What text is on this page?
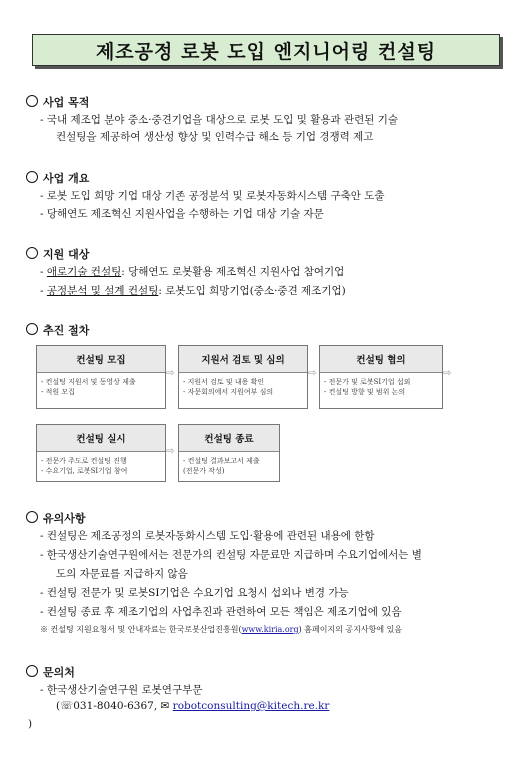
제조공정 로봇 도입 엔지니어링 컨설팅
사업 목적
- 국내 제조업 분야 중소·중견기업을 대상으로 로봇 도입 및 활용과 관련된 기술
컨설팅을 제공하여 생산성 향상 및 인력수급 해소 등 기업 경쟁력 제고
사업 개요
- 로봇 도입 희망 기업 대상 기존 공정분석 및 로봇자동화시스템 구축안 도출
- 당해연도 제조혁신 지원사업을 수행하는 기업 대상 기술 자문
지원 대상
- 애로기술 컨설팅: 당해연도 로봇활용 제조혁신 지원사업 참여기업
- 공정분석 및 설계 컨설팅: 로봇도입 희망기업(중소·중견 제조기업)
추진 절차
컨설팅 모집
- 컨설팅 지원서 및 동영상 제출
- 적원 모집
⇨
지원서 검토 및 심의
- 지원서 검토 및 내용 확인
- 자문회의에서 지원여부 심의
⇨
컨설팅 협의
- 전문가 및 로봇SI기업 섭외
- 컨설팅 방향 및 범위 논의
⇨
컨설팅 실시
- 전문가 주도로 컨설팅 진행
- 수요기업, 로봇SI기업 참여
⇨
컨설팅 종료
- 컨설팅 결과보고서 제출
(전문가 작성)
유의사항
- 컨설팅은 제조공정의 로봇자동화시스템 도입·활용에 관련된 내용에 한함
- 한국생산기술연구원에서는 전문가의 컨설팅 자문료만 지급하며 수요기업에서는 별
도의 자문료를 지급하지 않음
- 컨설팅 전문가 및 로봇SI기업은 수요기업 요청시 섭외나 변경 가능
- 컨설팅 종료 후 제조기업의 사업추진과 관련하여 모든 책임은 제조기업에 있음
※ 컨설팅 지원요청서 및 안내자료는 한국로봇산업진흥원(www.kiria.org) 홈페이지의 공지사항에 있음
문의처
- 한국생산기술연구원 로봇연구부문
(☏031-8040-6367, ✉ robotconsulting@kitech.re.kr
)
